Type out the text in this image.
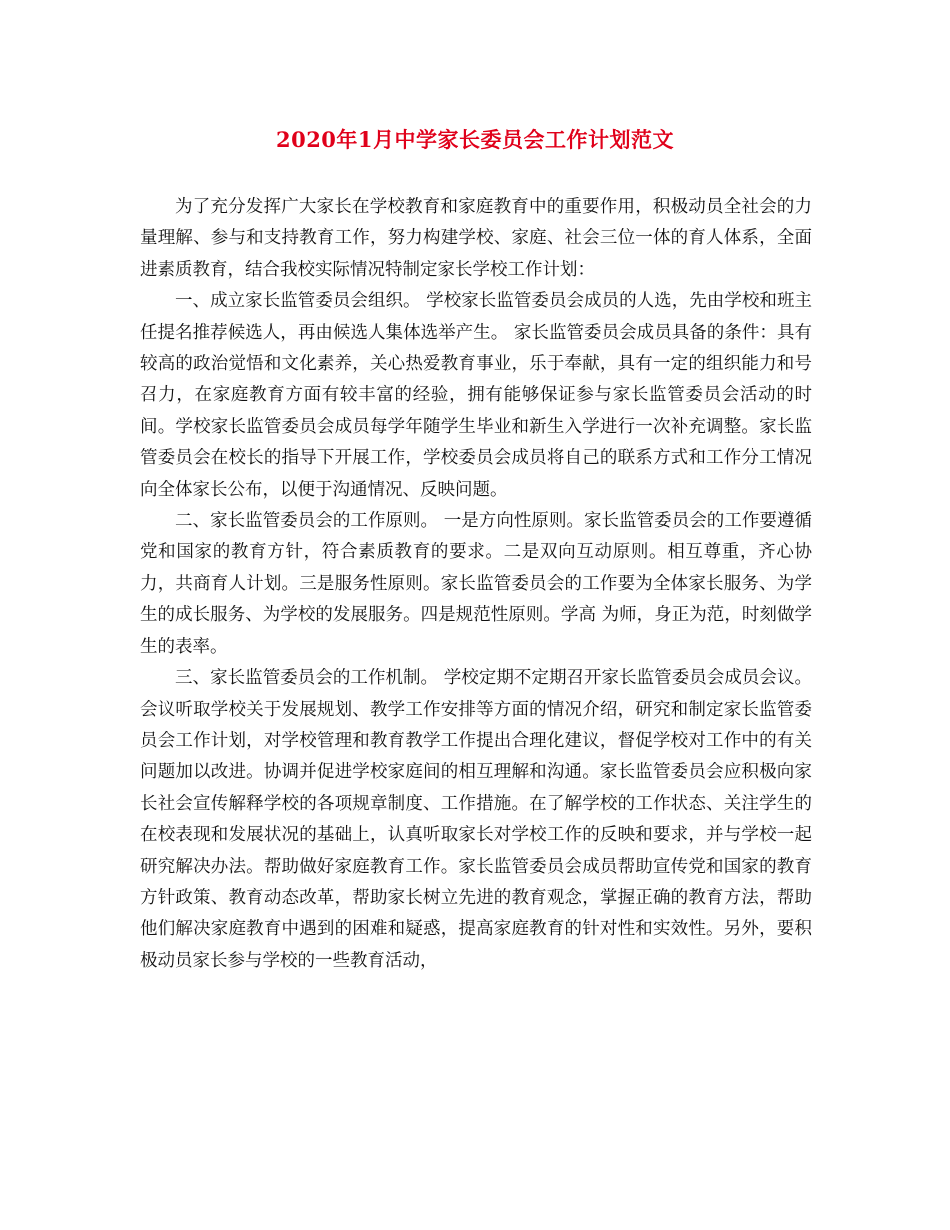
2020年1月中学家长委员会工作计划范文

为了充分发挥广大家长在学校教育和家庭教育中的重要作用，积极动员全社会的力量理解、参与和支持教育工作，努力构建学校、家庭、社会三位一体的育人体系，全面进素质教育，结合我校实际情况特制定家长学校工作计划：

一、成立家长监管委员会组织。 学校家长监管委员会成员的人选，先由学校和班主任提名推荐候选人，再由候选人集体选举产生。 家长监管委员会成员具备的条件：具有较高的政治觉悟和文化素养，关心热爱教育事业，乐于奉献，具有一定的组织能力和号召力，在家庭教育方面有较丰富的经验，拥有能够保证参与家长监管委员会活动的时间。学校家长监管委员会成员每学年随学生毕业和新生入学进行一次补充调整。家长监管委员会在校长的指导下开展工作，学校委员会成员将自己的联系方式和工作分工情况向全体家长公布，以便于沟通情况、反映问题。

二、家长监管委员会的工作原则。 一是方向性原则。家长监管委员会的工作要遵循党和国家的教育方针，符合素质教育的要求。二是双向互动原则。相互尊重，齐心协力，共商育人计划。三是服务性原则。家长监管委员会的工作要为全体家长服务、为学生的成长服务、为学校的发展服务。四是规范性原则。学高 为师，身正为范，时刻做学生的表率。

三、家长监管委员会的工作机制。 学校定期不定期召开家长监管委员会成员会议。会议听取学校关于发展规划、教学工作安排等方面的情况介绍，研究和制定家长监管委员会工作计划，对学校管理和教育教学工作提出合理化建议，督促学校对工作中的有关问题加以改进。协调并促进学校家庭间的相互理解和沟通。家长监管委员会应积极向家长社会宣传解释学校的各项规章制度、工作措施。在了解学校的工作状态、关注学生的在校表现和发展状况的基础上，认真听取家长对学校工作的反映和要求，并与学校一起研究解决办法。帮助做好家庭教育工作。家长监管委员会成员帮助宣传党和国家的教育方针政策、教育动态改革，帮助家长树立先进的教育观念，掌握正确的教育方法，帮助他们解决家庭教育中遇到的困难和疑惑，提高家庭教育的针对性和实效性。另外，要积极动员家长参与学校的一些教育活动，
